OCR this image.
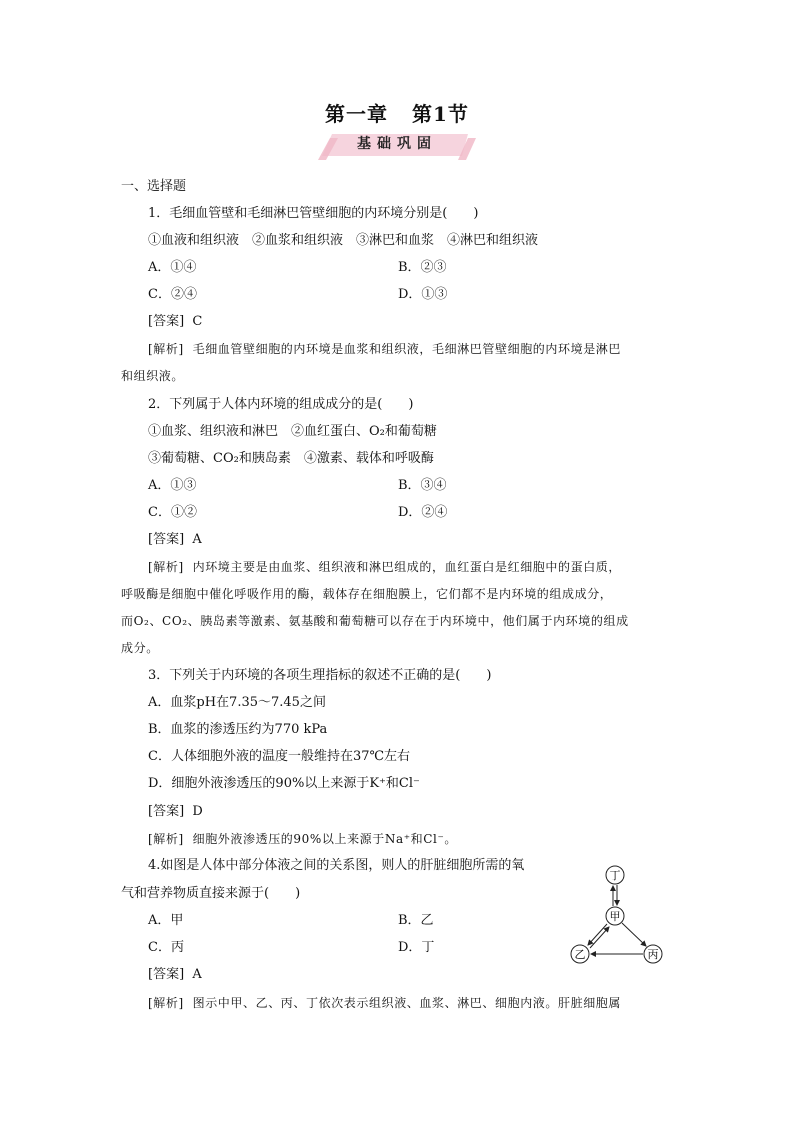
第一章 第1节
基础巩固
一、选择题
1．毛细血管壁和毛细淋巴管壁细胞的内环境分别是(　　)
①血液和组织液　②血浆和组织液　③淋巴和血浆　④淋巴和组织液
A．①④	B．②③
C．②④	D．①③
[答案] C
[解析] 毛细血管壁细胞的内环境是血浆和组织液，毛细淋巴管壁细胞的内环境是淋巴
和组织液。
2．下列属于人体内环境的组成成分的是(　　)
①血浆、组织液和淋巴　②血红蛋白、O₂和葡萄糖
③葡萄糖、CO₂和胰岛素　④激素、载体和呼吸酶
A．①③	B．③④
C．①②	D．②④
[答案] A
[解析] 内环境主要是由血浆、组织液和淋巴组成的，血红蛋白是红细胞中的蛋白质，
呼吸酶是细胞中催化呼吸作用的酶，载体存在细胞膜上，它们都不是内环境的组成成分，
而O₂、CO₂、胰岛素等激素、氨基酸和葡萄糖可以存在于内环境中，他们属于内环境的组成
成分。
3．下列关于内环境的各项生理指标的叙述不正确的是(　　)
A．血浆pH在7.35～7.45之间
B．血浆的渗透压约为770 kPa
C．人体细胞外液的温度一般维持在37℃左右
D．细胞外液渗透压的90%以上来源于K⁺和Cl⁻
[答案] D
[解析] 细胞外液渗透压的90%以上来源于Na⁺和Cl⁻。
4.如图是人体中部分体液之间的关系图，则人的肝脏细胞所需的氧
气和营养物质直接来源于(　　)
A．甲	B．乙
C．丙	D．丁
[答案] A
[解析] 图示中甲、乙、丙、丁依次表示组织液、血浆、淋巴、细胞内液。肝脏细胞属
丁
甲
乙	丙
